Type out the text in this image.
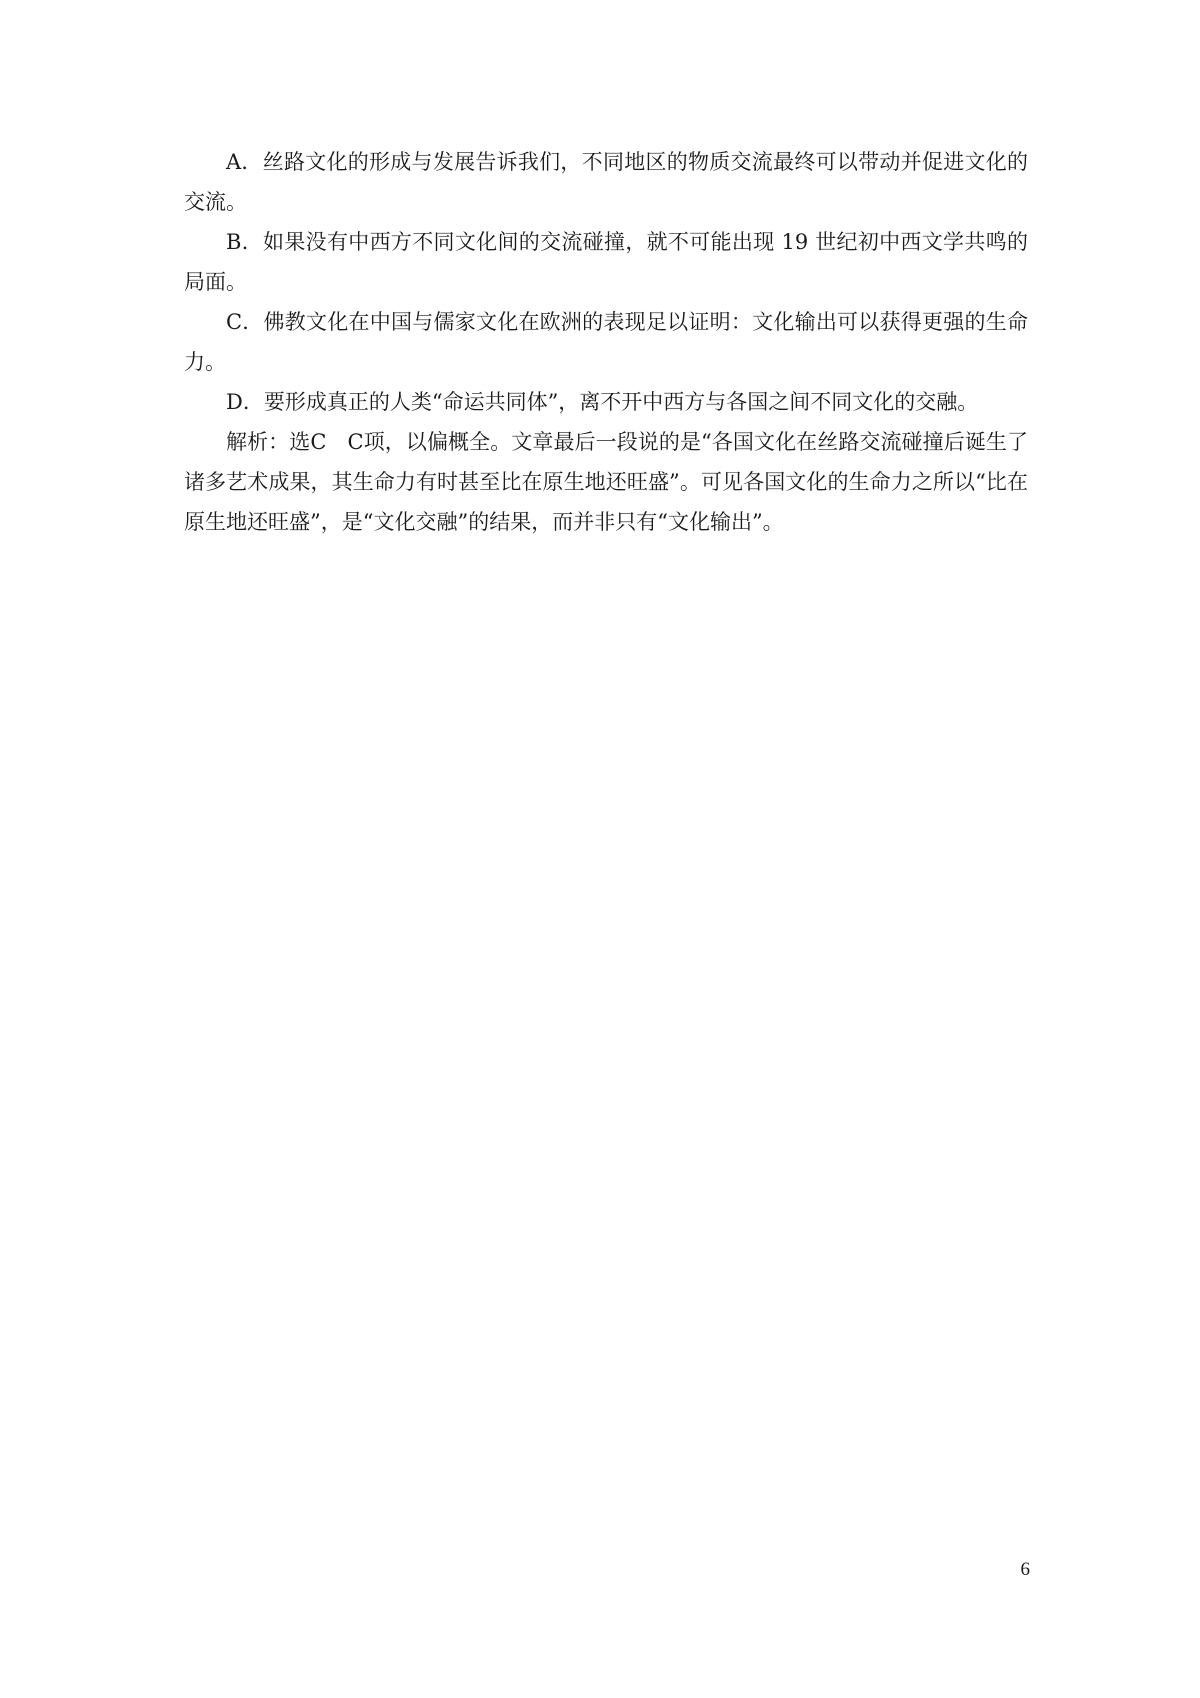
A．丝路文化的形成与发展告诉我们，不同地区的物质交流最终可以带动并促进文化的交流。

B．如果没有中西方不同文化间的交流碰撞，就不可能出现 19 世纪初中西文学共鸣的局面。

C．佛教文化在中国与儒家文化在欧洲的表现足以证明：文化输出可以获得更强的生命力。

D．要形成真正的人类“命运共同体”，离不开中西方与各国之间不同文化的交融。

解析：选C　C项，以偏概全。文章最后一段说的是“各国文化在丝路交流碰撞后诞生了诸多艺术成果，其生命力有时甚至比在原生地还旺盛”。可见各国文化的生命力之所以“比在原生地还旺盛”，是“文化交融”的结果，而并非只有“文化输出”。

6
